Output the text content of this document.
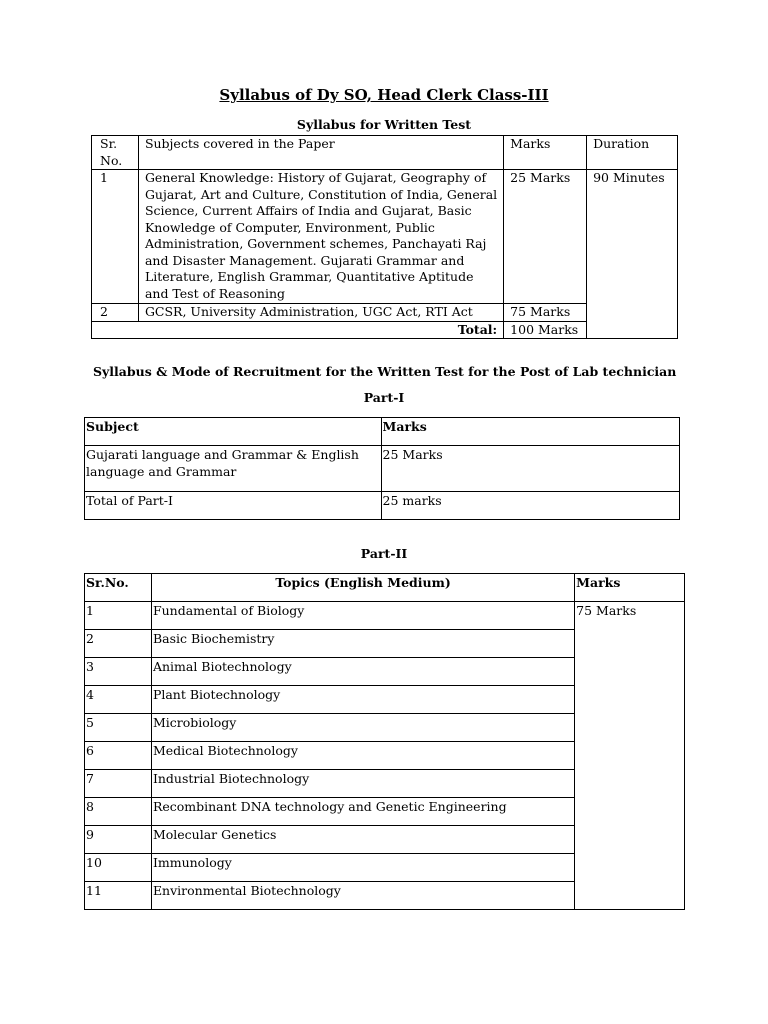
Syllabus of Dy SO, Head Clerk Class-III
Syllabus for Written Test
Sr. No.	Subjects covered in the Paper	Marks	Duration
1	General Knowledge: History of Gujarat, Geography of Gujarat, Art and Culture, Constitution of India, General Science, Current Affairs of India and Gujarat, Basic Knowledge of Computer, Environment, Public Administration, Government schemes, Panchayati Raj and Disaster Management. Gujarati Grammar and Literature, English Grammar, Quantitative Aptitude and Test of Reasoning	25 Marks	90 Minutes
2	GCSR, University Administration, UGC Act, RTI Act	75 Marks	
Total:		100 Marks	
Syllabus & Mode of Recruitment for the Written Test for the Post of Lab technician
Part-I
Subject	Marks
Gujarati language and Grammar & English language and Grammar	25 Marks
Total of Part-I	25 marks
Part-II
Sr.No.	Topics (English Medium)	Marks
1	Fundamental of Biology	75 Marks
2	Basic Biochemistry	
3	Animal Biotechnology	
4	Plant Biotechnology	
5	Microbiology	
6	Medical Biotechnology	
7	Industrial Biotechnology	
8	Recombinant DNA technology and Genetic Engineering	
9	Molecular Genetics	
10	Immunology	
11	Environmental Biotechnology	
